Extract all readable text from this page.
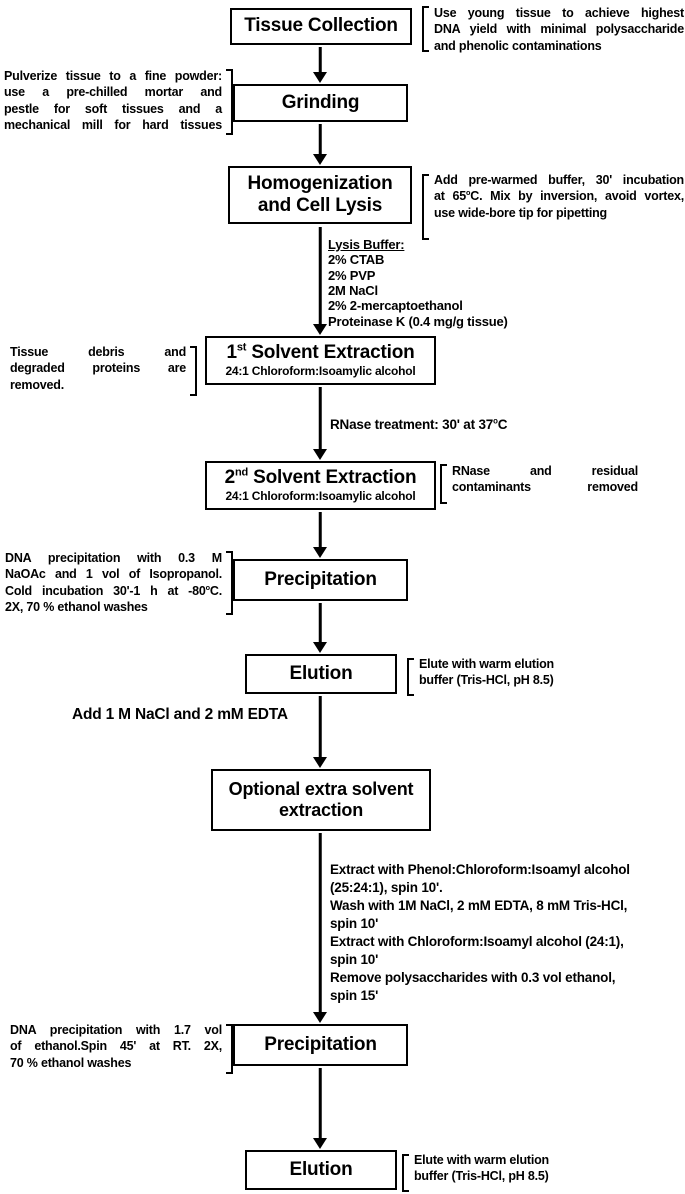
Tissue Collection
Grinding
Homogenization
and Cell Lysis
1st Solvent Extraction
24:1 Chloroform:Isoamylic alcohol
2nd Solvent Extraction
24:1 Chloroform:Isoamylic alcohol
Precipitation
Elution
Optional extra solvent
extraction
Precipitation
Elution
Use young tissue to achieve highest
DNA yield with minimal polysaccharide
and phenolic contaminations
Pulverize tissue to a fine powder:
use a pre-chilled mortar and
pestle for soft tissues and a
mechanical mill for hard tissues
Add pre-warmed buffer, 30' incubation
at 65$^o$C. Mix by inversion, avoid vortex,
use wide-bore tip for pipetting
Tissue debris and
degraded proteins are
removed.
RNase and residual
contaminants removed
DNA precipitation with 0.3 M
NaOAc and 1 vol of Isopropanol.
Cold incubation 30'-1 h at -80$^o$C.
2X, 70 % ethanol washes
Elute with warm elution
buffer (Tris-HCl, pH 8.5)
DNA precipitation with 1.7 vol
of ethanol.Spin 45' at RT. 2X,
70 % ethanol washes
Elute with warm elution
buffer (Tris-HCl, pH 8.5)
Lysis Buffer:
2% CTAB
2% PVP
2M NaCl
2% 2-mercaptoethanol
Proteinase K (0.4 mg/g tissue)
RNase treatment: 30' at 37$^o$C
Add 1 M NaCl and 2 mM EDTA
Extract with Phenol:Chloroform:Isoamyl alcohol
(25:24:1), spin 10'.
Wash with 1M NaCl, 2 mM EDTA, 8 mM Tris-HCl,
spin 10'
Extract with Chloroform:Isoamyl alcohol (24:1),
spin 10'
Remove polysaccharides with 0.3 vol ethanol,
spin 15'
